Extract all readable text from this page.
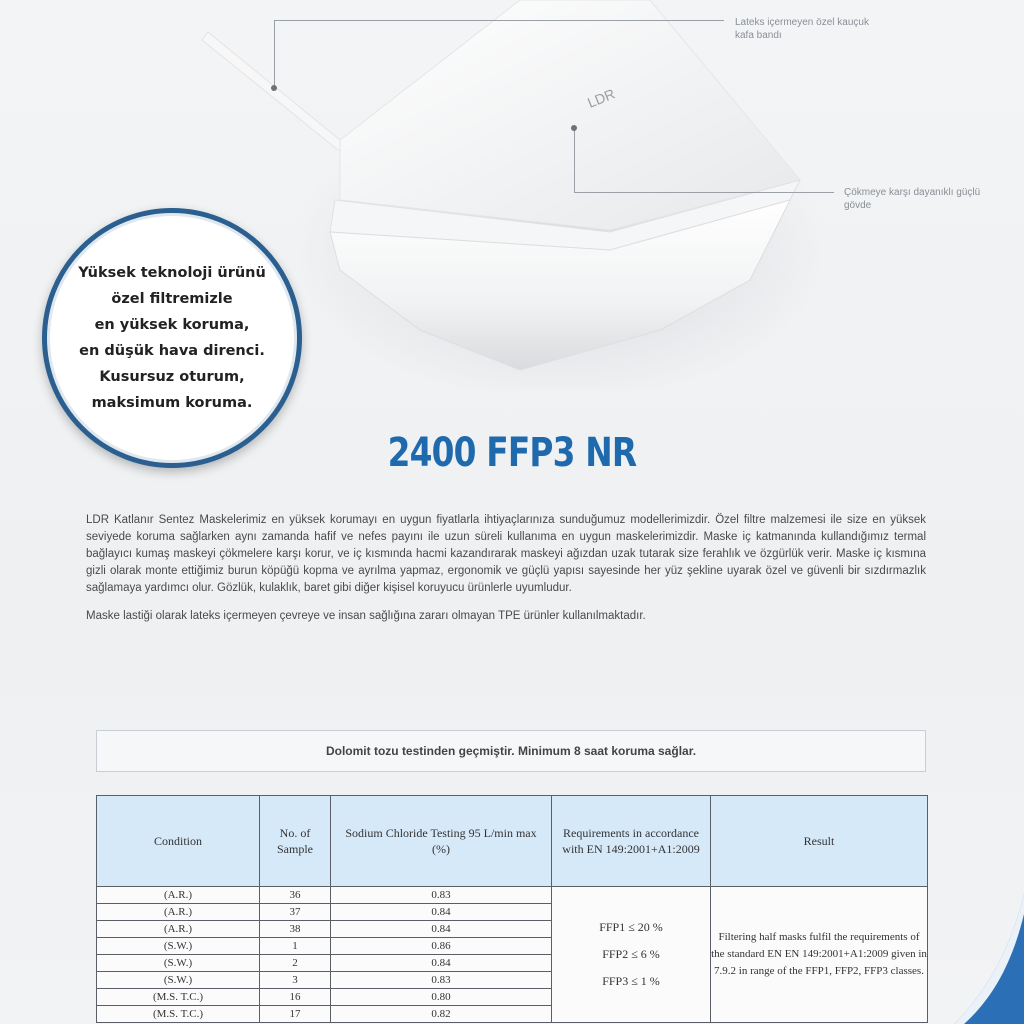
LDR
Lateks içermeyen özel kauçuk kafa bandı
Çökmeye karşı dayanıklı güçlü gövde
Yüksek teknoloji ürünü
özel filtremizle
en yüksek koruma,
en düşük hava direnci.
Kusursuz oturum,
maksimum koruma.
2400 FFP3 NR

LDR Katlanır Sentez Maskelerimiz en yüksek korumayı en uygun fiyatlarla ihtiyaçlarınıza sunduğumuz modellerimizdir. Özel filtre malzemesi ile size en yüksek seviyede koruma sağlarken aynı zamanda hafif ve nefes payını ile uzun süreli kullanıma en uygun maskelerimizdir. Maske iç katmanında kullandığımız termal bağlayıcı kumaş maskeyi çökmelere karşı korur, ve iç kısmında hacmi kazandırarak maskeyi ağızdan uzak tutarak size ferahlık ve özgürlük verir. Maske iç kısmına gizli olarak monte ettiğimiz burun köpüğü kopma ve ayrılma yapmaz, ergonomik ve güçlü yapısı sayesinde her yüz şekline uyarak özel ve güvenli bir sızdırmazlık sağlamaya yardımcı olur. Gözlük, kulaklık, baret gibi diğer kişisel koruyucu ürünlerle uyumludur.

Maske lastiği olarak lateks içermeyen çevreye ve insan sağlığına zararı olmayan TPE ürünler kullanılmaktadır.

Dolomit tozu testinden geçmiştir. Minimum 8 saat koruma sağlar.
Condition	No. of Sample	Sodium Chloride Testing 95 L/min max (%)	Requirements in accordance with EN 149:2001+A1:2009	Result
(A.R.)	36	0.83	FFP1 ≤ 20 %
FFP2 ≤ 6 %
FFP3 ≤ 1 %	Filtering half masks fulfil the requirements of the standard EN EN 149:2001+A1:2009 given in 7.9.2 in range of the FFP1, FFP2, FFP3 classes.
(A.R.)	37	0.84		
(A.R.)	38	0.84		
(S.W.)	1	0.86		
(S.W.)	2	0.84		
(S.W.)	3	0.83		
(M.S. T.C.)	16	0.80		
(M.S. T.C.)	17	0.82		
